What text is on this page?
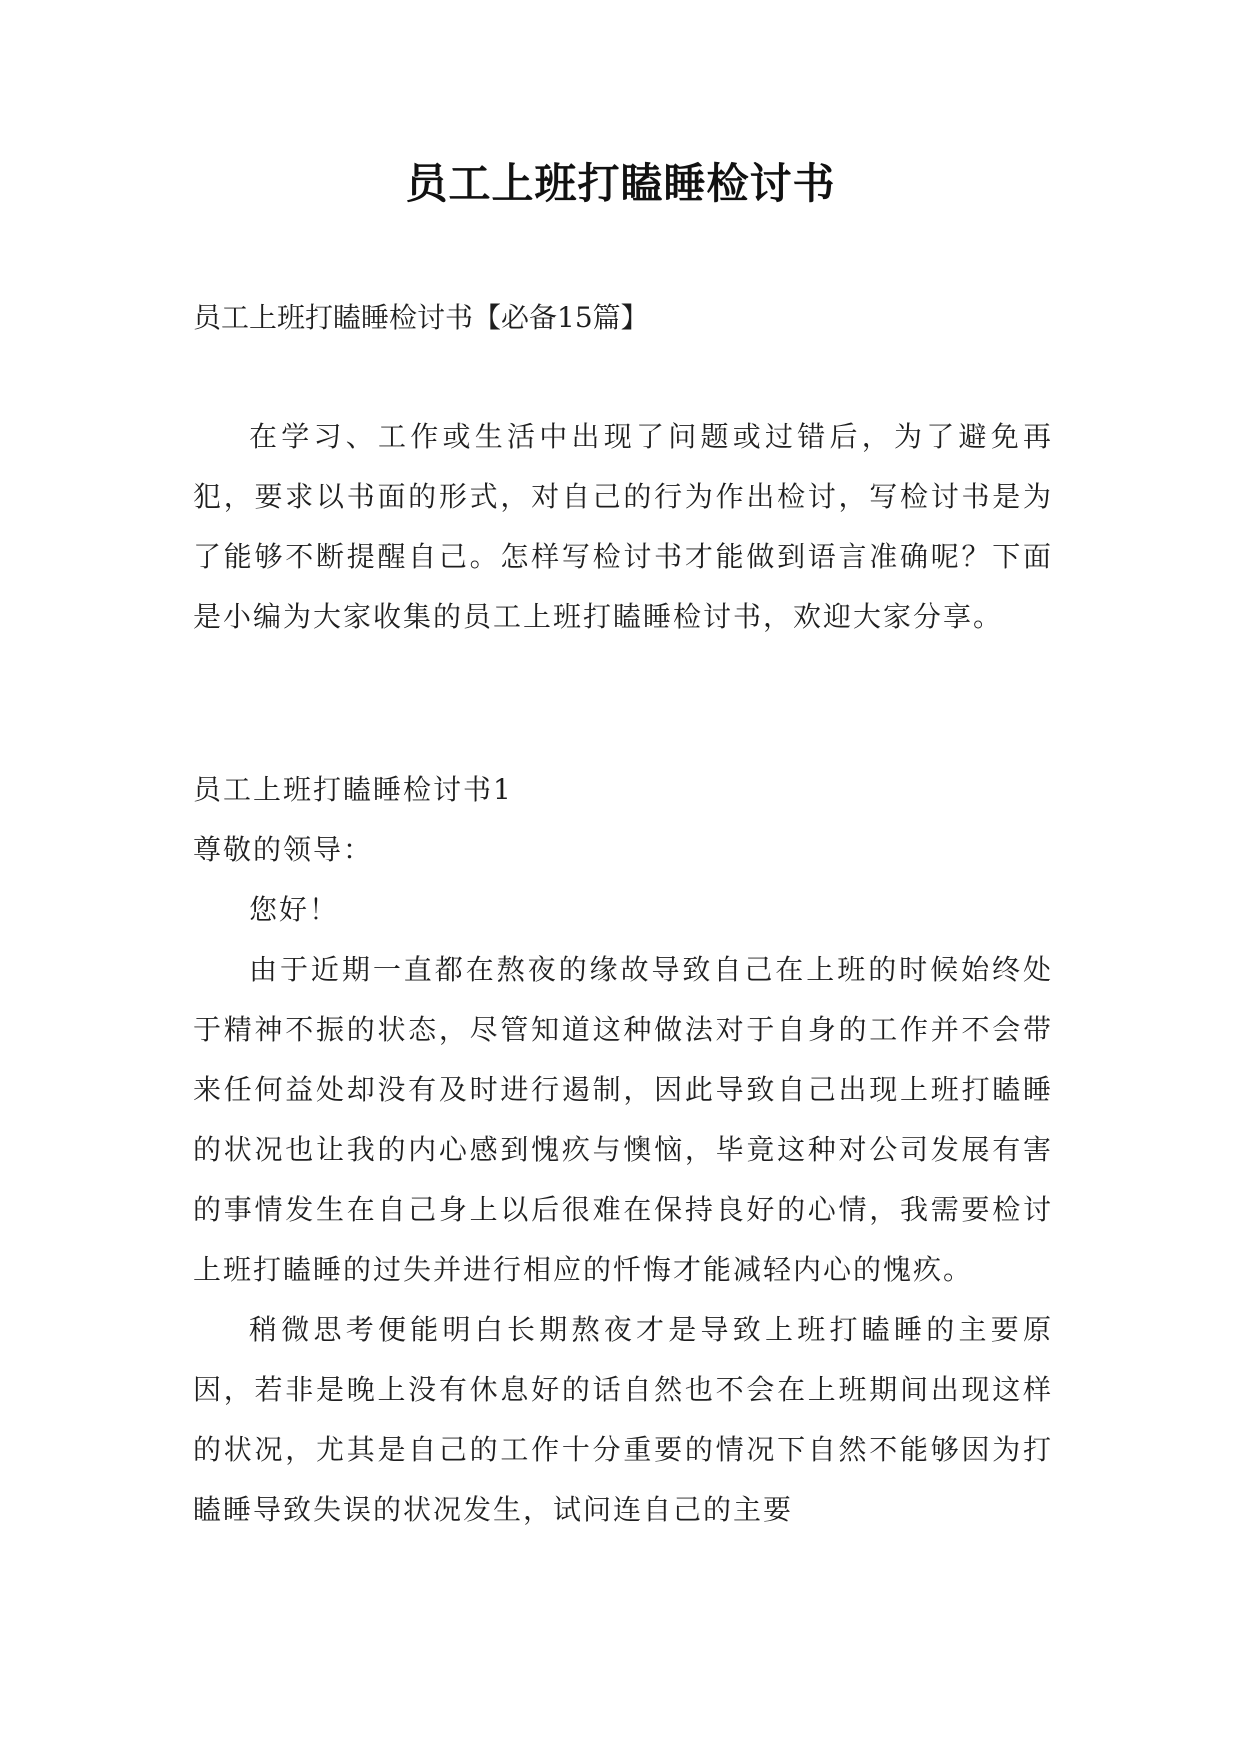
员工上班打瞌睡检讨书
员工上班打瞌睡检讨书【必备15篇】

在学习、工作或生活中出现了问题或过错后，为了避免再犯，要求以书面的形式，对自己的行为作出检讨，写检讨书是为了能够不断提醒自己。怎样写检讨书才能做到语言准确呢？下面是小编为大家收集的员工上班打瞌睡检讨书，欢迎大家分享。

员工上班打瞌睡检讨书1

尊敬的领导：

您好！

由于近期一直都在熬夜的缘故导致自己在上班的时候始终处于精神不振的状态，尽管知道这种做法对于自身的工作并不会带来任何益处却没有及时进行遏制，因此导致自己出现上班打瞌睡的状况也让我的内心感到愧疚与懊恼，毕竟这种对公司发展有害的事情发生在自己身上以后很难在保持良好的心情，我需要检讨上班打瞌睡的过失并进行相应的忏悔才能减轻内心的愧疚。

稍微思考便能明白长期熬夜才是导致上班打瞌睡的主要原因，若非是晚上没有休息好的话自然也不会在上班期间出现这样的状况，尤其是自己的工作十分重要的情况下自然不能够因为打瞌睡导致失误的状况发生，试问连自己的主要
